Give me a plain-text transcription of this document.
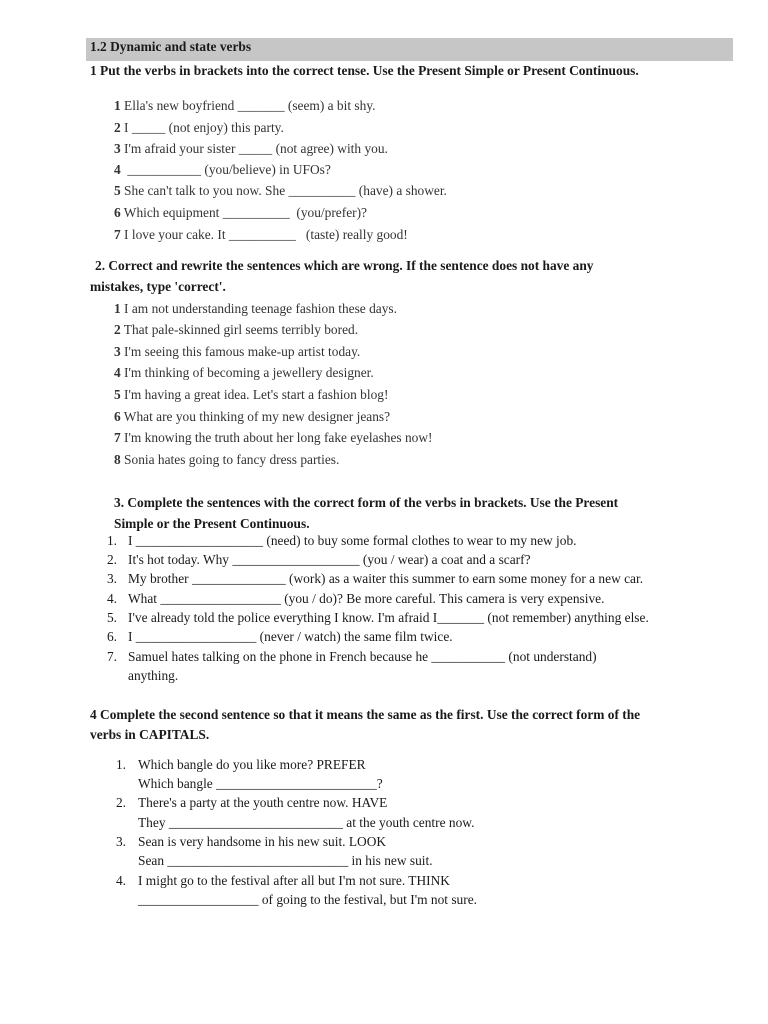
1.2 Dynamic and state verbs
1 Put the verbs in brackets into the correct tense. Use the Present Simple or Present Continuous.
1 Ella's new boyfriend _______ (seem) a bit shy.
2 I _____ (not enjoy) this party.
3 I'm afraid your sister _____ (not agree) with you.
4  ___________ (you/believe) in UFOs?
5 She can't talk to you now. She __________ (have) a shower.
6 Which equipment __________  (you/prefer)?
7 I love your cake. It __________   (taste) really good!
2. Correct and rewrite the sentences which are wrong. If the sentence does not have any
mistakes, type 'correct'.
1 I am not understanding teenage fashion these days.
2 That pale-skinned girl seems terribly bored.
3 I'm seeing this famous make-up artist today.
4 I'm thinking of becoming a jewellery designer.
5 I'm having a great idea. Let's start a fashion blog!
6 What are you thinking of my new designer jeans?
7 I'm knowing the truth about her long fake eyelashes now!
8 Sonia hates going to fancy dress parties.
3. Complete the sentences with the correct form of the verbs in brackets. Use the Present
Simple or the Present Continuous.
1. I ___________________ (need) to buy some formal clothes to wear to my new job.
2. It's hot today. Why ___________________ (you / wear) a coat and a scarf?
3. My brother ______________ (work) as a waiter this summer to earn some money for a new car.
4. What __________________ (you / do)? Be more careful. This camera is very expensive.
5. I've already told the police everything I know. I'm afraid I_______ (not remember) anything else.
6. I __________________ (never / watch) the same film twice.
7. Samuel hates talking on the phone in French because he ___________ (not understand)
anything.
4 Complete the second sentence so that it means the same as the first. Use the correct form of the
verbs in CAPITALS.
1. Which bangle do you like more? PREFER
Which bangle ________________________?
2. There's a party at the youth centre now. HAVE
They __________________________ at the youth centre now.
3. Sean is very handsome in his new suit. LOOK
Sean ___________________________ in his new suit.
4. I might go to the festival after all but I'm not sure. THINK
__________________ of going to the festival, but I'm not sure.
